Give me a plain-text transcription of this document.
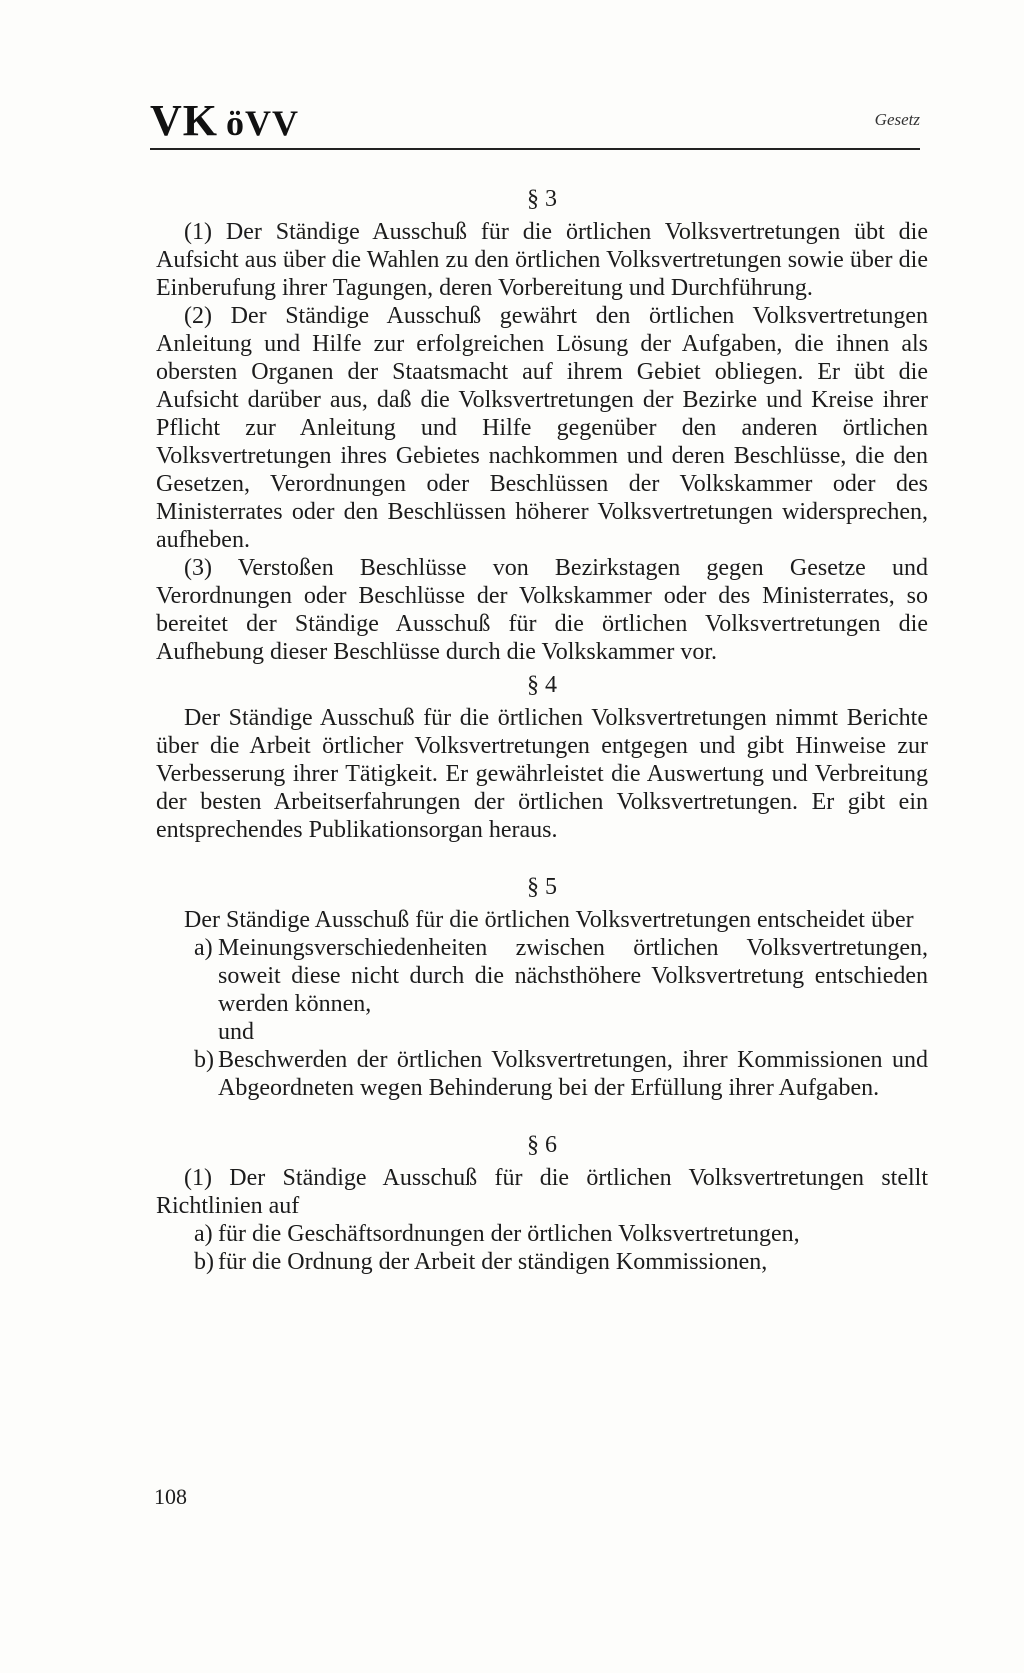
VK öVV	Gesetz
§ 3

(1) Der Ständige Ausschuß für die örtlichen Volksvertretungen übt die Aufsicht aus über die Wahlen zu den örtlichen Volksvertretungen sowie über die Einberufung ihrer Tagungen, deren Vorbereitung und Durchführung.

(2) Der Ständige Ausschuß gewährt den örtlichen Volksvertretungen Anleitung und Hilfe zur erfolgreichen Lösung der Aufgaben, die ihnen als obersten Organen der Staatsmacht auf ihrem Gebiet obliegen. Er übt die Aufsicht darüber aus, daß die Volksvertretungen der Bezirke und Kreise ihrer Pflicht zur Anleitung und Hilfe gegenüber den anderen örtlichen Volksvertretungen ihres Gebietes nachkommen und deren Beschlüsse, die den Gesetzen, Verordnungen oder Beschlüssen der Volkskammer oder des Ministerrates oder den Beschlüssen höherer Volksvertretungen widersprechen, aufheben.

(3) Verstoßen Beschlüsse von Bezirkstagen gegen Gesetze und Verordnungen oder Beschlüsse der Volkskammer oder des Ministerrates, so bereitet der Ständige Ausschuß für die örtlichen Volksvertretungen die Aufhebung dieser Beschlüsse durch die Volkskammer vor.

§ 4

Der Ständige Ausschuß für die örtlichen Volksvertretungen nimmt Berichte über die Arbeit örtlicher Volksvertretungen entgegen und gibt Hinweise zur Verbesserung ihrer Tätigkeit. Er gewährleistet die Auswertung und Verbreitung der besten Arbeitserfahrungen der örtlichen Volksvertretungen. Er gibt ein entsprechendes Publikationsorgan heraus.

§ 5

Der Ständige Ausschuß für die örtlichen Volksvertretungen entscheidet über

a) Meinungsverschiedenheiten zwischen örtlichen Volksvertretungen, soweit diese nicht durch die nächsthöhere Volksvertretung entschieden werden können,
und
b) Beschwerden der örtlichen Volksvertretungen, ihrer Kommissionen und Abgeordneten wegen Behinderung bei der Erfüllung ihrer Aufgaben.
§ 6

(1) Der Ständige Ausschuß für die örtlichen Volksvertretungen stellt Richtlinien auf

a) für die Geschäftsordnungen der örtlichen Volksvertretungen,
b) für die Ordnung der Arbeit der ständigen Kommissionen,
108
